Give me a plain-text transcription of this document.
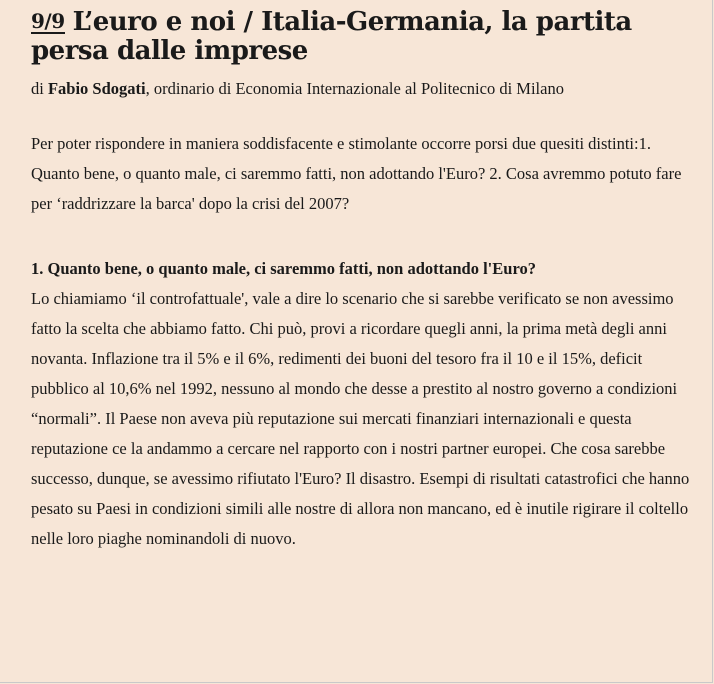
9/9 L’euro e noi / Italia-Germania, la partita persa dalle imprese
di Fabio Sdogati, ordinario di Economia Internazionale al Politecnico di Milano

Per poter rispondere in maniera soddisfacente e stimolante occorre porsi due quesiti distinti:1. Quanto bene, o quanto male, ci saremmo fatti, non adottando l'Euro? 2. Cosa avremmo potuto fare per ‘raddrizzare la barca' dopo la crisi del 2007?

1. Quanto bene, o quanto male, ci saremmo fatti, non adottando l'Euro?

Lo chiamiamo ‘il controfattuale', vale a dire lo scenario che si sarebbe verificato se non avessimo fatto la scelta che abbiamo fatto. Chi può, provi a ricordare quegli anni, la prima metà degli anni novanta. Inflazione tra il 5% e il 6%, redimenti dei buoni del tesoro fra il 10 e il 15%, deficit pubblico al 10,6% nel 1992, nessuno al mondo che desse a prestito al nostro governo a condizioni “normali”. Il Paese non aveva più reputazione sui mercati finanziari internazionali e questa reputazione ce la andammo a cercare nel rapporto con i nostri partner europei. Che cosa sarebbe successo, dunque, se avessimo rifiutato l'Euro? Il disastro. Esempi di risultati catastrofici che hanno pesato su Paesi in condizioni simili alle nostre di allora non mancano, ed è inutile rigirare il coltello nelle loro piaghe nominandoli di nuovo.
